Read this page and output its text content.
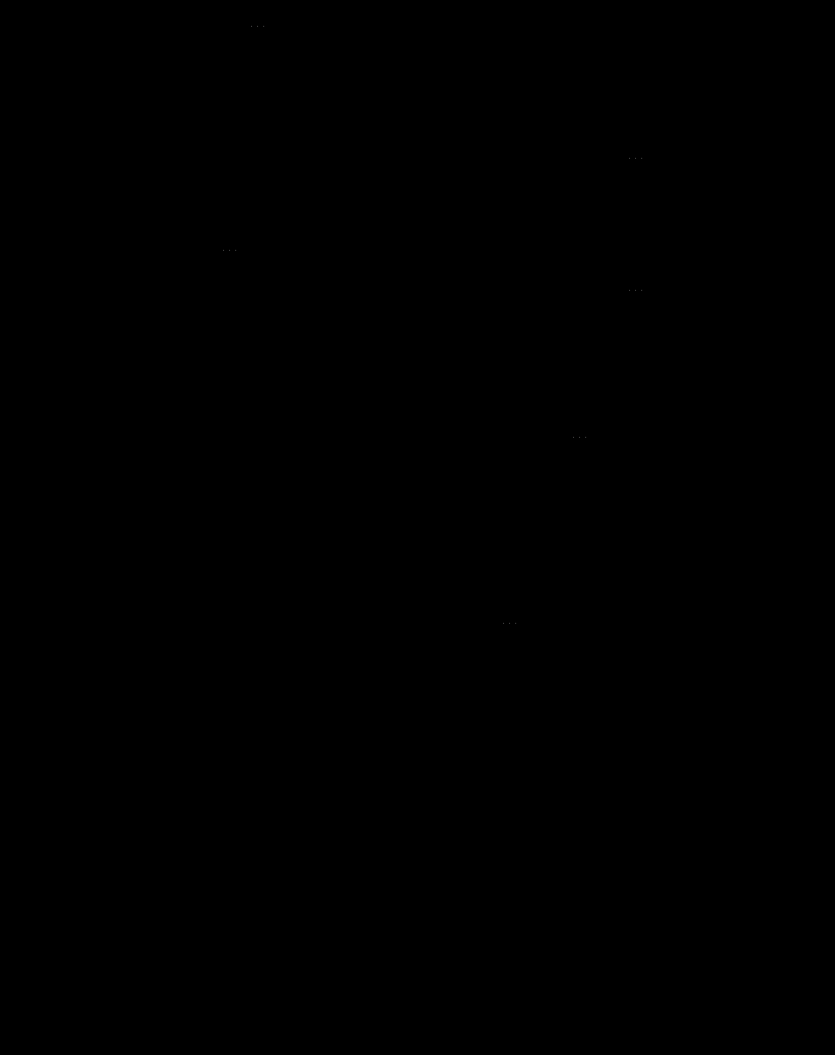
...
...
...
...
...
...
